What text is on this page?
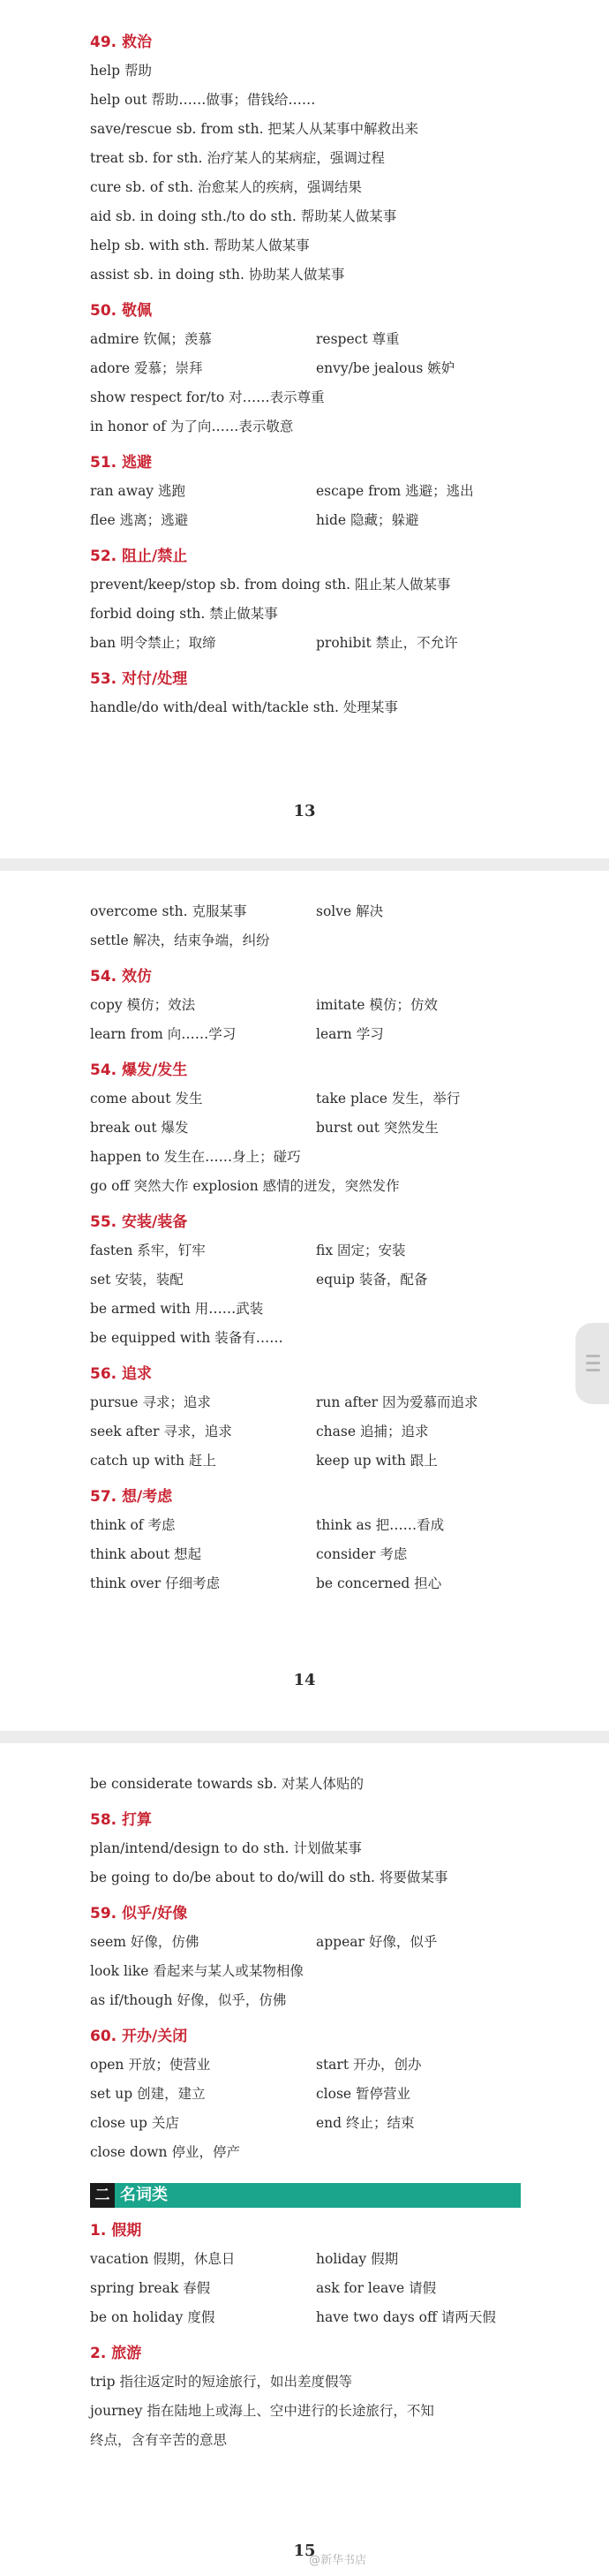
49. 救治
help 帮助
help out 帮助……做事；借钱给……
save/rescue sb. from sth. 把某人从某事中解救出来
treat sb. for sth. 治疗某人的某病症，强调过程
cure sb. of sth. 治愈某人的疾病，强调结果
aid sb. in doing sth./to do sth. 帮助某人做某事
help sb. with sth. 帮助某人做某事
assist sb. in doing sth. 协助某人做某事
50. 敬佩
admire 钦佩；羡慕	respect 尊重
adore 爱慕；崇拜	envy/be jealous 嫉妒
show respect for/to 对……表示尊重
in honor of 为了向……表示敬意
51. 逃避
ran away 逃跑	escape from 逃避；逃出
flee 逃离；逃避	hide 隐藏；躲避
52. 阻止/禁止
prevent/keep/stop sb. from doing sth. 阻止某人做某事
forbid doing sth. 禁止做某事
ban 明令禁止；取缔	prohibit 禁止，不允许
53. 对付/处理
handle/do with/deal with/tackle sth. 处理某事
13
overcome sth. 克服某事	solve 解决
settle 解决，结束争端，纠纷
54. 效仿
copy 模仿；效法	imitate 模仿；仿效
learn from 向……学习	learn 学习
54. 爆发/发生
come about 发生	take place 发生，举行
break out 爆发	burst out 突然发生
happen to 发生在……身上；碰巧
go off 突然大作 explosion 感情的迸发，突然发作
55. 安装/装备
fasten 系牢，钉牢	fix 固定；安装
set 安装，装配	equip 装备，配备
be armed with 用……武装
be equipped with 装备有……
56. 追求
pursue 寻求；追求	run after 因为爱慕而追求
seek after 寻求，追求	chase 追捕；追求
catch up with 赶上	keep up with 跟上
57. 想/考虑
think of 考虑	think as 把……看成
think about 想起	consider 考虑
think over 仔细考虑	be concerned 担心
14
be considerate towards sb. 对某人体贴的
58. 打算
plan/intend/design to do sth. 计划做某事
be going to do/be about to do/will do sth. 将要做某事
59. 似乎/好像
seem 好像，仿佛	appear 好像，似乎
look like 看起来与某人或某物相像
as if/though 好像，似乎，仿佛
60. 开办/关闭
open 开放；使营业	start 开办，创办
set up 创建，建立	close 暂停营业
close up 关店	end 终止；结束
close down 停业，停产
二 名词类
1. 假期
vacation 假期，休息日	holiday 假期
spring break 春假	ask for leave 请假
be on holiday 度假	have two days off 请两天假
2. 旅游
trip 指往返定时的短途旅行，如出差度假等
journey 指在陆地上或海上、空中进行的长途旅行，不知
终点，含有辛苦的意思
15
@新华书店
